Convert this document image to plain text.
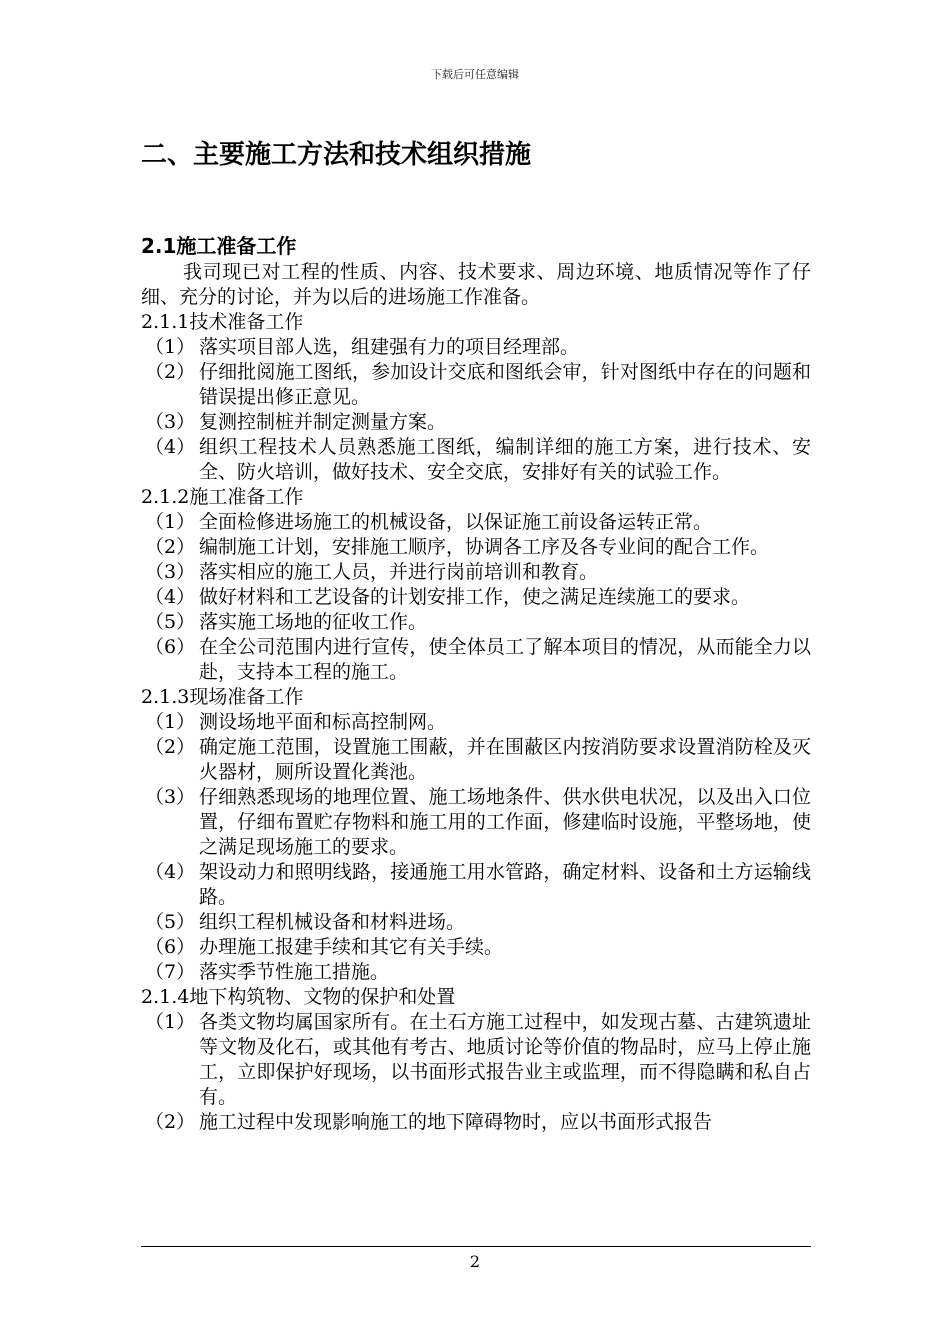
下载后可任意编辑
二、主要施工方法和技术组织措施
2.1施工准备工作

我司现已对工程的性质、内容、技术要求、周边环境、地质情况等作了仔细、充分的讨论，并为以后的进场施工作准备。

2.1.1技术准备工作

（1） 落实项目部人选，组建强有力的项目经理部。
（2） 仔细批阅施工图纸，参加设计交底和图纸会审，针对图纸中存在的问题和错误提出修正意见。
（3） 复测控制桩并制定测量方案。
（4） 组织工程技术人员熟悉施工图纸，编制详细的施工方案，进行技术、安全、防火培训，做好技术、安全交底，安排好有关的试验工作。

2.1.2施工准备工作

（1） 全面检修进场施工的机械设备，以保证施工前设备运转正常。
（2） 编制施工计划，安排施工顺序，协调各工序及各专业间的配合工作。
（3） 落实相应的施工人员，并进行岗前培训和教育。
（4） 做好材料和工艺设备的计划安排工作，使之满足连续施工的要求。
（5） 落实施工场地的征收工作。
（6） 在全公司范围内进行宣传，使全体员工了解本项目的情况，从而能全力以赴，支持本工程的施工。

2.1.3现场准备工作

（1） 测设场地平面和标高控制网。
（2） 确定施工范围，设置施工围蔽，并在围蔽区内按消防要求设置消防栓及灭火器材，厕所设置化粪池。
（3） 仔细熟悉现场的地理位置、施工场地条件、供水供电状况，以及出入口位置，仔细布置贮存物料和施工用的工作面，修建临时设施，平整场地，使之满足现场施工的要求。
（4） 架设动力和照明线路，接通施工用水管路，确定材料、设备和土方运输线路。
（5） 组织工程机械设备和材料进场。
（6） 办理施工报建手续和其它有关手续。
（7） 落实季节性施工措施。

2.1.4地下构筑物、文物的保护和处置

（1） 各类文物均属国家所有。在土石方施工过程中，如发现古墓、古建筑遗址等文物及化石，或其他有考古、地质讨论等价值的物品时，应马上停止施工，立即保护好现场，以书面形式报告业主或监理，而不得隐瞒和私自占有。
（2） 施工过程中发现影响施工的地下障碍物时，应以书面形式报告
2
